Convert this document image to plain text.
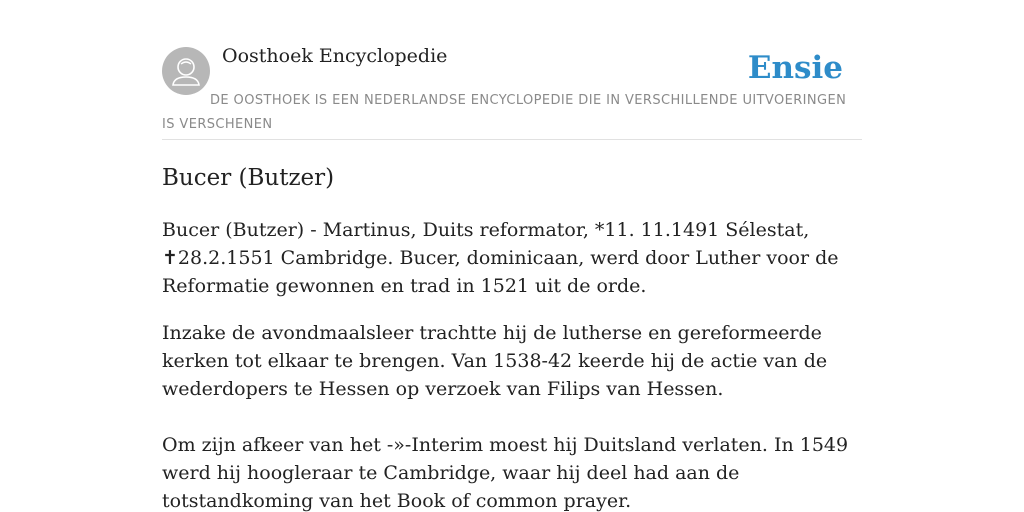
Oosthoek Encyclopedie	Ensie
DE OOSTHOEK IS EEN NEDERLANDSE ENCYCLOPEDIE DIE IN VERSCHILLENDE UITVOERINGEN IS VERSCHENEN
Bucer (Butzer)

Bucer (Butzer) - Martinus, Duits reformator, *11. 11.1491 Sélestat, ✝28.2.1551 Cambridge. Bucer, dominicaan, werd door Luther voor de Reformatie gewonnen en trad in 1521 uit de orde.

Inzake de avondmaalsleer trachtte hij de lutherse en gereformeerde kerken tot elkaar te brengen. Van 1538-42 keerde hij de actie van de wederdopers te Hessen op verzoek van Filips van Hessen.

Om zijn afkeer van het -»-Interim moest hij Duitsland verlaten. In 1549 werd hij hoogleraar te Cambridge, waar hij deel had aan de totstandkoming van het Book of common prayer.
